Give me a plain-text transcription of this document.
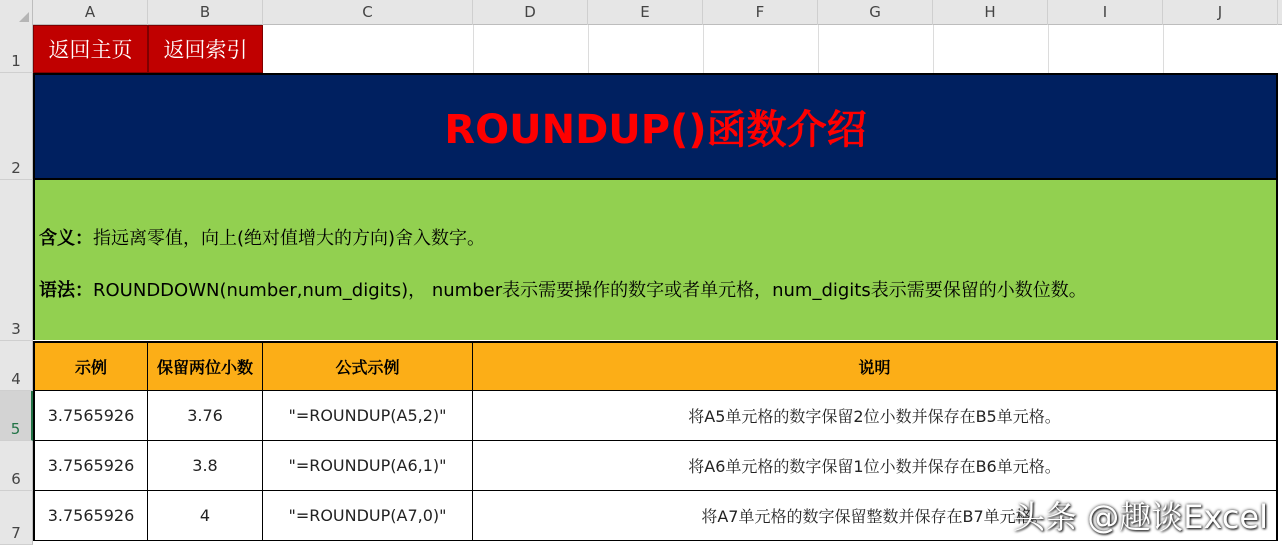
A	B	C	D	E	F	G	H	I	J
1
2
3
4
5
6
7
返回主页	返回索引
ROUNDUP()函数介绍
含义：指远离零值，向上(绝对值增大的方向)舍入数字。
语法：ROUNDDOWN(number,num_digits)， number表示需要操作的数字或者单元格，num_digits表示需要保留的小数位数。
示例	保留两位小数	公式示例	说明
3.7565926	3.76	"=ROUNDUP(A5,2)"	将A5单元格的数字保留2位小数并保存在B5单元格。
3.7565926	3.8	"=ROUNDUP(A6,1)"	将A6单元格的数字保留1位小数并保存在B6单元格。
3.7565926	4	"=ROUNDUP(A7,0)"	将A7单元格的数字保留整数并保存在B7单元格。
头条 @趣谈Excel
